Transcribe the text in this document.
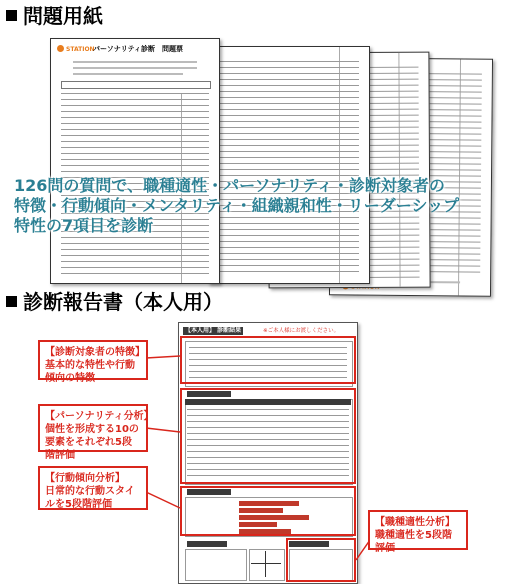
問題用紙
STATION
パーソナリティ診断　問題票
126問の質問で、職種適性・パーソナリティ・診断対象者の
特徴・行動傾向・メンタリティ・組織親和性・リーダーシップ
特性の7項目を診断
診断報告書（本人用）
【本人用】 診断結果	※ご本人様にお渡しください。
【診断対象者の特徴】
基本的な特性や行動傾向の特徴
【パーソナリティ分析】
個性を形成する10の要素をそれぞれ5段階評価
【行動傾向分析】
日常的な行動スタイルを5段階評価
【職種適性分析】
職種適性を5段階評価
